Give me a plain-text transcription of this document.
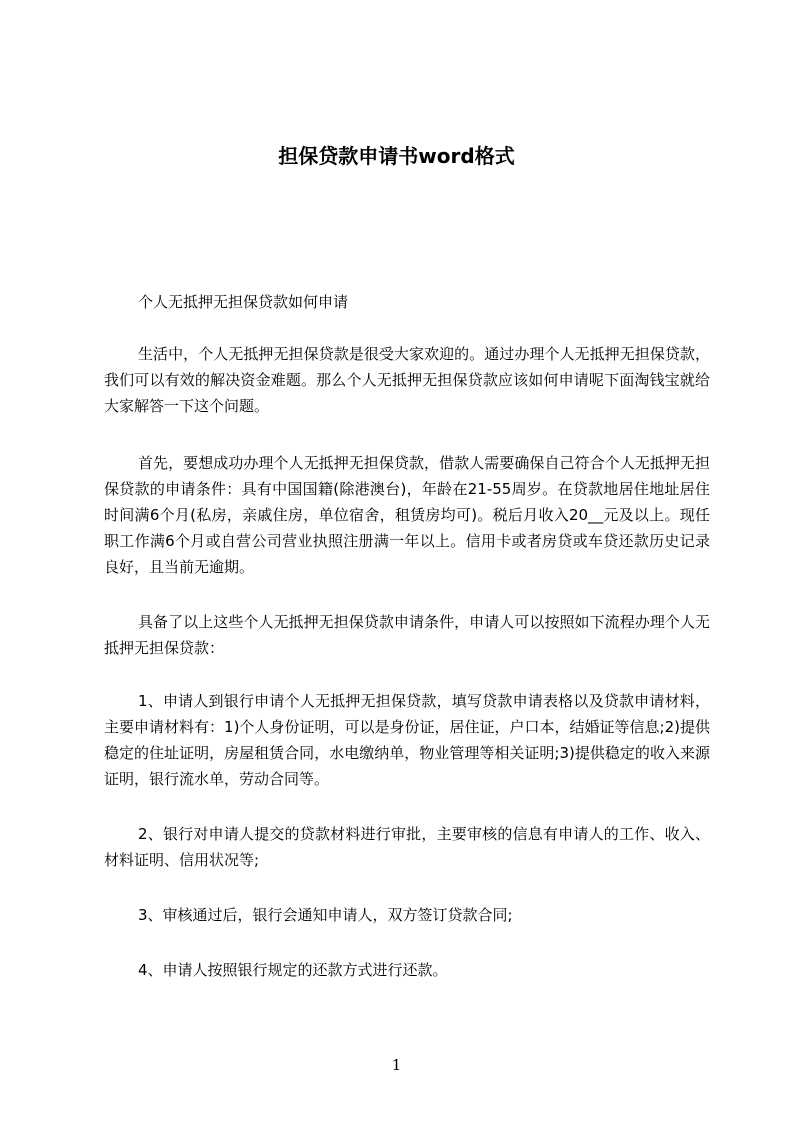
担保贷款申请书word格式
个人无抵押无担保贷款如何申请

生活中，个人无抵押无担保贷款是很受大家欢迎的。通过办理个人无抵押无担保贷款，我们可以有效的解决资金难题。那么个人无抵押无担保贷款应该如何申请呢下面淘钱宝就给大家解答一下这个问题。

首先，要想成功办理个人无抵押无担保贷款，借款人需要确保自己符合个人无抵押无担保贷款的申请条件：具有中国国籍(除港澳台)，年龄在21-55周岁。在贷款地居住地址居住时间满6个月(私房，亲戚住房，单位宿舍，租赁房均可)。税后月收入20__元及以上。现任职工作满6个月或自营公司营业执照注册满一年以上。信用卡或者房贷或车贷还款历史记录良好，且当前无逾期。

具备了以上这些个人无抵押无担保贷款申请条件，申请人可以按照如下流程办理个人无抵押无担保贷款：

1、申请人到银行申请个人无抵押无担保贷款，填写贷款申请表格以及贷款申请材料，主要申请材料有：1)个人身份证明，可以是身份证，居住证，户口本，结婚证等信息;2)提供稳定的住址证明，房屋租赁合同，水电缴纳单，物业管理等相关证明;3)提供稳定的收入来源证明，银行流水单，劳动合同等。

2、银行对申请人提交的贷款材料进行审批，主要审核的信息有申请人的工作、收入、材料证明、信用状况等;

3、审核通过后，银行会通知申请人，双方签订贷款合同;

4、申请人按照银行规定的还款方式进行还款。

1
